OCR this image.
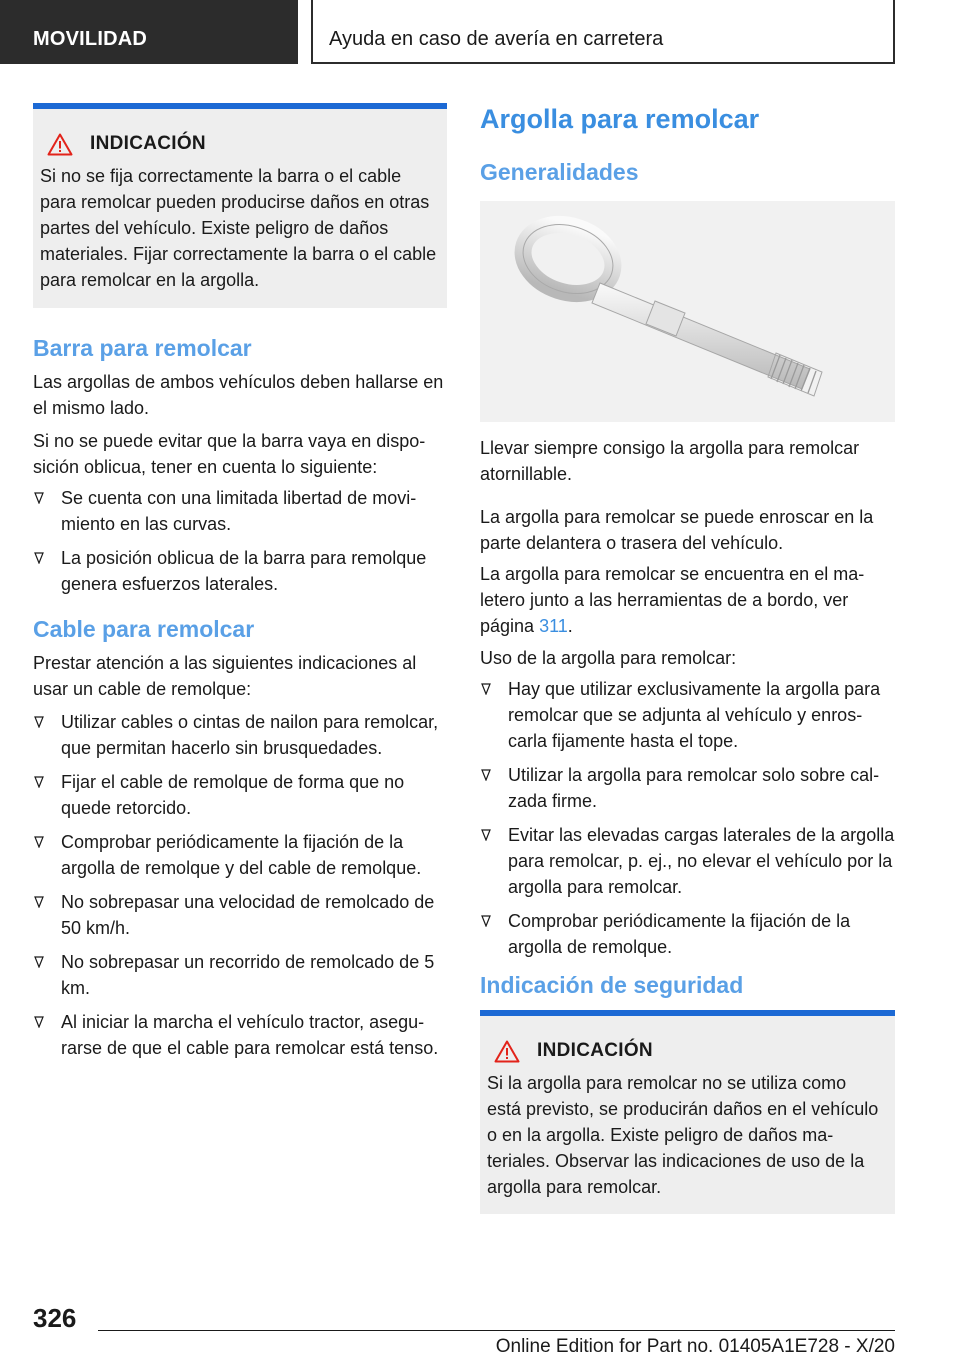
MOVILIDAD	Ayuda en caso de avería en carretera
INDICACIÓN

Si no se fija correctamente la barra o el cable para remolcar pueden producirse daños en otras partes del vehículo. Existe peligro de daños materiales. Fijar correctamente la barra o el cable para remolcar en la argolla.

Barra para remolcar

Las argollas de ambos vehículos deben hallarse en el mismo lado.

Si no se puede evitar que la barra vaya en disposición oblicua, tener en cuenta lo siguiente:

Se cuenta con una limitada libertad de movimiento en las curvas.
La posición oblicua de la barra para remolque genera esfuerzos laterales.
Cable para remolcar

Prestar atención a las siguientes indicaciones al usar un cable de remolque:

Utilizar cables o cintas de nailon para remolcar, que permitan hacerlo sin brusquedades.
Fijar el cable de remolque de forma que no quede retorcido.
Comprobar periódicamente la fijación de la argolla de remolque y del cable de remolque.
No sobrepasar una velocidad de remolcado de 50 km/h.
No sobrepasar un recorrido de remolcado de 5 km.
Al iniciar la marcha el vehículo tractor, asegurarse de que el cable para remolcar está tenso.
Argolla para remolcar
Generalidades

Llevar siempre consigo la argolla para remolcar atornillable.

La argolla para remolcar se puede enroscar en la parte delantera o trasera del vehículo.

La argolla para remolcar se encuentra en el maletero junto a las herramientas de a bordo, ver página 311.

Uso de la argolla para remolcar:

Hay que utilizar exclusivamente la argolla para remolcar que se adjunta al vehículo y enroscarla fijamente hasta el tope.
Utilizar la argolla para remolcar solo sobre calzada firme.
Evitar las elevadas cargas laterales de la argolla para remolcar, p. ej., no elevar el vehículo por la argolla para remolcar.
Comprobar periódicamente la fijación de la argolla de remolque.
Indicación de seguridad
INDICACIÓN

Si la argolla para remolcar no se utiliza como está previsto, se producirán daños en el vehículo o en la argolla. Existe peligro de daños materiales. Observar las indicaciones de uso de la argolla para remolcar.

326
Online Edition for Part no. 01405A1E728 - X/20
